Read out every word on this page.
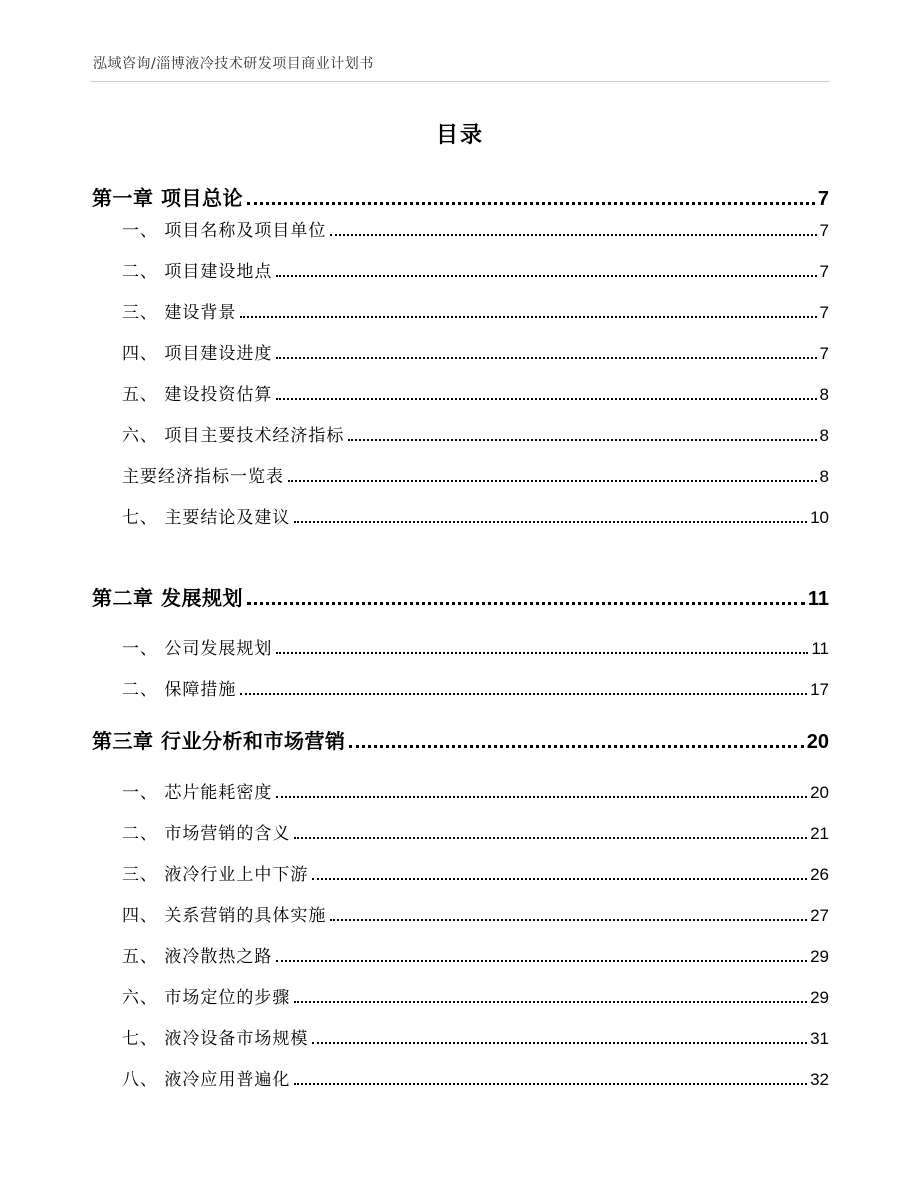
泓域咨询/淄博液冷技术研发项目商业计划书
目录
第一章 项目总论	7
一、 项目名称及项目单位	7
二、 项目建设地点	7
三、 建设背景	7
四、 项目建设进度	7
五、 建设投资估算	8
六、 项目主要技术经济指标	8
主要经济指标一览表	8
七、 主要结论及建议	10
第二章 发展规划	11
一、 公司发展规划	11
二、 保障措施	17
第三章 行业分析和市场营销	20
一、 芯片能耗密度	20
二、 市场营销的含义	21
三、 液冷行业上中下游	26
四、 关系营销的具体实施	27
五、 液冷散热之路	29
六、 市场定位的步骤	29
七、 液冷设备市场规模	31
八、 液冷应用普遍化	32
